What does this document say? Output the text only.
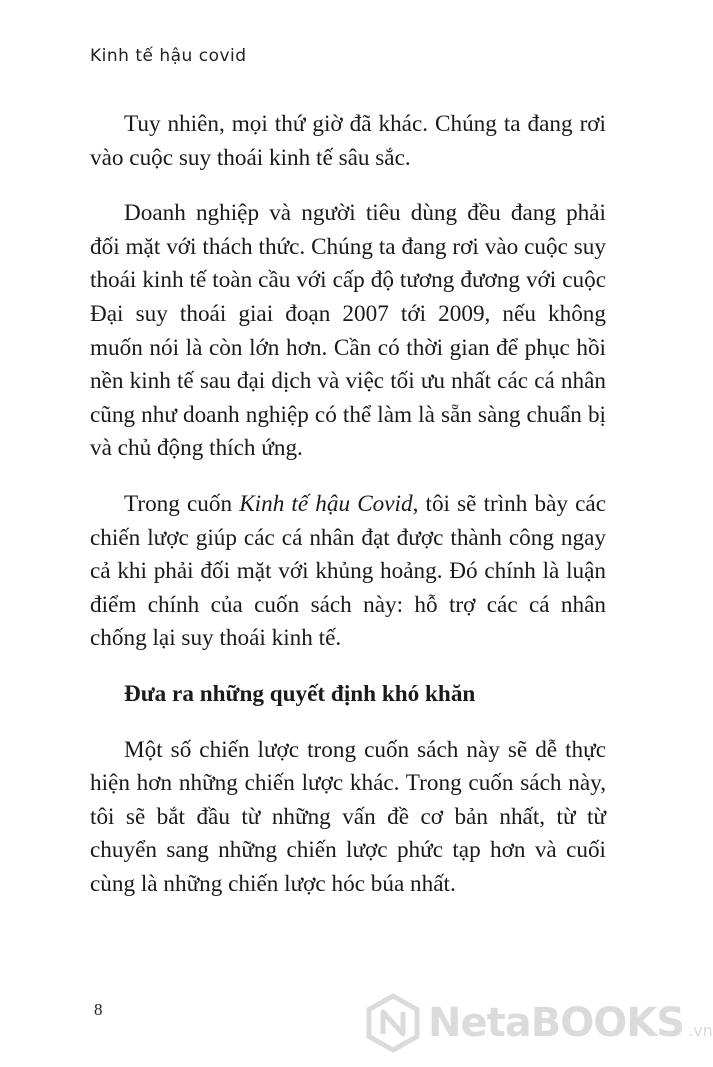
Kinh tế hậu covid

Tuy nhiên, mọi thứ giờ đã khác. Chúng ta đang rơi vào cuộc suy thoái kinh tế sâu sắc.

Doanh nghiệp và người tiêu dùng đều đang phải đối mặt với thách thức. Chúng ta đang rơi vào cuộc suy thoái kinh tế toàn cầu với cấp độ tương đương với cuộc Đại suy thoái giai đoạn 2007 tới 2009, nếu không muốn nói là còn lớn hơn. Cần có thời gian để phục hồi nền kinh tế sau đại dịch và việc tối ưu nhất các cá nhân cũng như doanh nghiệp có thể làm là sẵn sàng chuẩn bị và chủ động thích ứng.

Trong cuốn Kinh tế hậu Covid, tôi sẽ trình bày các chiến lược giúp các cá nhân đạt được thành công ngay cả khi phải đối mặt với khủng hoảng. Đó chính là luận điểm chính của cuốn sách này: hỗ trợ các cá nhân chống lại suy thoái kinh tế.

Đưa ra những quyết định khó khăn

Một số chiến lược trong cuốn sách này sẽ dễ thực hiện hơn những chiến lược khác. Trong cuốn sách này, tôi sẽ bắt đầu từ những vấn đề cơ bản nhất, từ từ chuyển sang những chiến lược phức tạp hơn và cuối cùng là những chiến lược hóc búa nhất.

8	NetaBOOKS .vn
